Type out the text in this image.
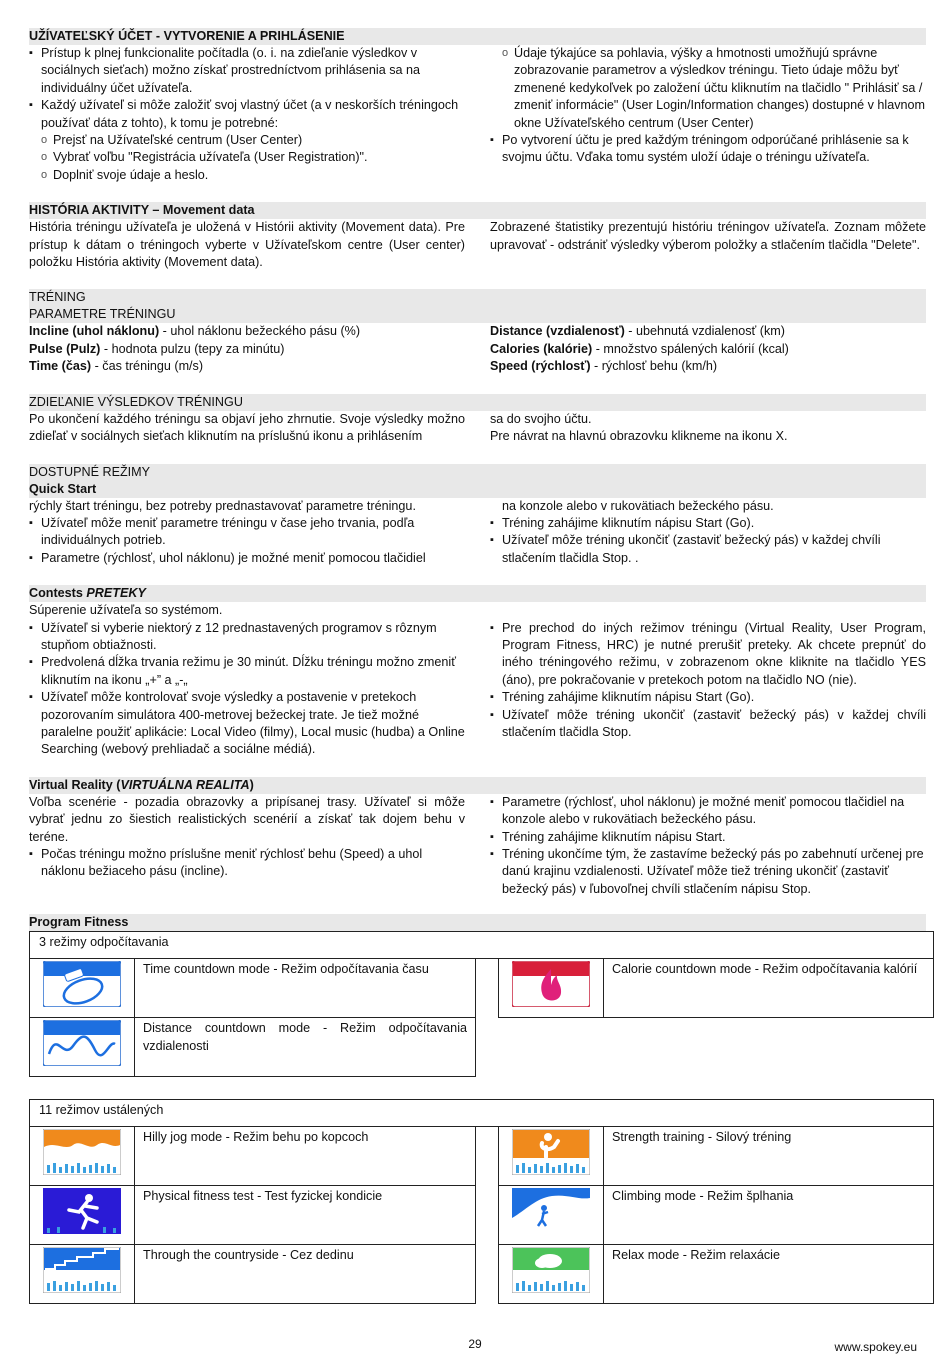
UŽÍVATEĽSKÝ ÚČET - VYTVORENIE A PRIHLÁSENIE
▪ Prístup k plnej funkcionalite počítadla (o. i. na zdieľanie výsledkov v sociálnych sieťach) možno získať prostredníctvom prihlásenia sa na individuálny účet užívateľa.
▪ Každý užívateľ si môže založiť svoj vlastný účet (a v neskorších tréningoch používať dáta z tohto), k tomu je potrebné:
o Prejsť na Užívateľské centrum (User Center)
o Vybrať voľbu "Registrácia užívateľa (User Registration)".
o Doplniť svoje údaje a heslo.
o Údaje týkajúce sa pohlavia, výšky a hmotnosti umožňujú správne zobrazovanie parametrov a výsledkov tréningu. Tieto údaje môžu byť zmenené kedykoľvek po založení účtu kliknutím na tlačidlo " Prihlásiť sa / zmeniť informácie" (User Login/Information changes) dostupné v hlavnom okne Užívateľského centrum (User Center)
▪ Po vytvorení účtu je pred každým tréningom odporúčané prihlásenie sa k svojmu účtu. Vďaka tomu systém uloží údaje o tréningu užívateľa.
HISTÓRIA AKTIVITY – Movement data
História tréningu užívateľa je uložená v Histórii aktivity (Movement data). Pre prístup k dátam o tréningoch vyberte v Užívateľskom centre (User center) položku História aktivity (Movement data).
Zobrazené štatistiky prezentujú históriu tréningov užívateľa. Zoznam môžete upravovať - odstrániť výsledky výberom položky a stlačením tlačidla "Delete".
TRÉNING
PARAMETRE TRÉNINGU
Incline (uhol náklonu) - uhol náklonu bežeckého pásu (%)
Pulse (Pulz) - hodnota pulzu (tepy za minútu)
Time (čas) - čas tréningu (m/s)
Distance (vzdialenosť) - ubehnutá vzdialenosť (km)
Calories (kalórie) - množstvo spálených kalórií (kcal)
Speed (rýchlosť) - rýchlosť behu (km/h)
ZDIEĽANIE VÝSLEDKOV TRÉNINGU
Po ukončení každého tréningu sa objaví jeho zhrnutie. Svoje výsledky možno zdieľať v sociálnych sieťach kliknutím na príslušnú ikonu a prihlásením
sa do svojho účtu.
Pre návrat na hlavnú obrazovku klikneme na ikonu X.
DOSTUPNÉ REŽIMY
Quick Start
rýchly štart tréningu, bez potreby prednastavovať parametre tréningu.
▪ Užívateľ môže meniť parametre tréningu v čase jeho trvania, podľa individuálnych potrieb.
▪ Parametre (rýchlosť, uhol náklonu) je možné meniť pomocou tlačidiel
na konzole alebo v rukovätiach bežeckého pásu.
▪ Tréning zahájime kliknutím nápisu Start (Go).
▪ Užívateľ môže tréning ukončiť (zastaviť bežecký pás) v každej chvíli stlačením tlačidla Stop. .
Contests PRETEKY
Súperenie užívateľa so systémom.
▪ Užívateľ si vyberie niektorý z 12 prednastavených programov s rôznym stupňom obtiažnosti.
▪ Predvolená dĺžka trvania režimu je 30 minút. Dĺžku tréningu možno zmeniť kliknutím na ikonu „+” a „-„
▪ Užívateľ môže kontrolovať svoje výsledky a postavenie v pretekoch pozorovaním simulátora 400-metrovej bežeckej trate. Je tiež možné paralelne použiť aplikácie: Local Video (filmy), Local music (hudba) a Online Searching (webový prehliadač a sociálne médiá).
▪ Pre prechod do iných režimov tréningu (Virtual Reality, User Program, Program Fitness, HRC) je nutné prerušiť preteky. Ak chcete prepnúť do iného tréningového režimu, v zobrazenom okne kliknite na tlačidlo YES (áno), pre pokračovanie v pretekoch potom na tlačidlo NO (nie).
▪ Tréning zahájime kliknutím nápisu Start (Go).
▪ Užívateľ môže tréning ukončiť (zastaviť bežecký pás) v každej chvíli stlačením tlačidla Stop.
Virtual Reality (VIRTUÁLNA REALITA)
Voľba scenérie - pozadia obrazovky a pripísanej trasy. Užívateľ si môže vybrať jednu zo šiestich realistických scenérií a získať tak dojem behu v teréne.
▪ Počas tréningu možno príslušne meniť rýchlosť behu (Speed) a uhol náklonu bežiaceho pásu (incline).
▪ Parametre (rýchlosť, uhol náklonu) je možné meniť pomocou tlačidiel na konzole alebo v rukovätiach bežeckého pásu.
▪ Tréning zahájime kliknutím nápisu Start.
▪ Tréning ukončíme tým, že zastavíme bežecký pás po zabehnutí určenej pre danú krajinu vzdialenosti. Užívateľ môže tiež tréning ukončiť (zastaviť bežecký pás) v ľubovoľnej chvíli stlačením nápisu Stop.
Program Fitness
3 režimy odpočítavania
Time countdown mode - Režim odpočítavania času
Distance countdown mode - Režim odpočítavania vzdialenosti
Calorie countdown mode - Režim odpočítavania kalórií
11 režimov ustálených
Hilly jog mode - Režim behu po kopcoch
Physical fitness test - Test fyzickej kondicie
Through the countryside - Cez dedinu
Strength training - Silový tréning
Climbing mode - Režim šplhania
Relax mode - Režim relaxácie
29	www.spokey.eu
